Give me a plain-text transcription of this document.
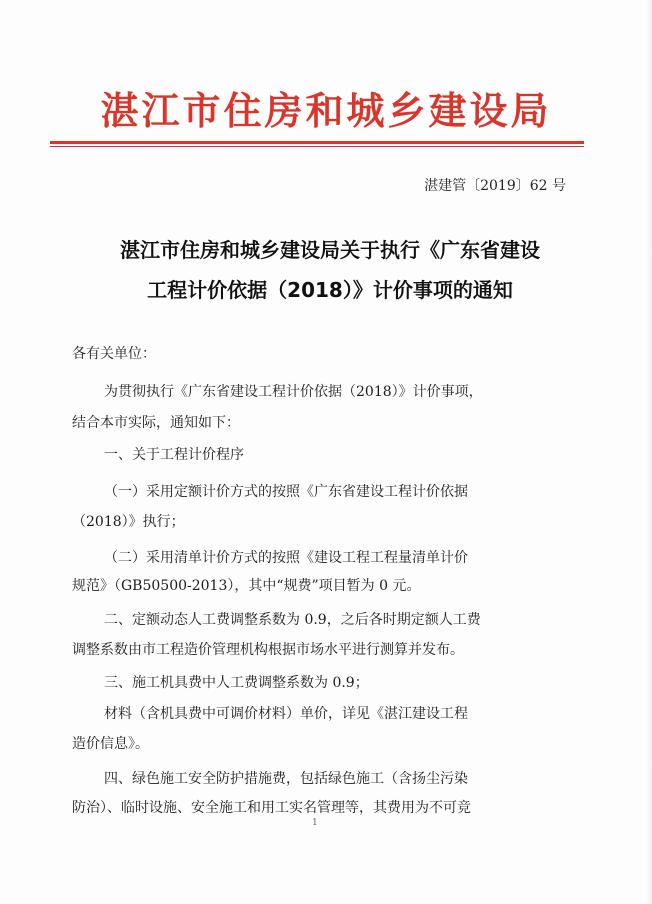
湛江市住房和城乡建设局
湛建管〔2019〕62 号
湛江市住房和城乡建设局关于执行《广东省建设
工程计价依据（2018）》计价事项的通知
各有关单位：
为贯彻执行《广东省建设工程计价依据（2018）》计价事项，
结合本市实际，通知如下：
一、关于工程计价程序
（一）采用定额计价方式的按照《广东省建设工程计价依据
（2018）》执行；
（二）采用清单计价方式的按照《建设工程工程量清单计价
规范》（GB50500-2013），其中“规费”项目暂为 0 元。
二、定额动态人工费调整系数为 0.9，之后各时期定额人工费
调整系数由市工程造价管理机构根据市场水平进行测算并发布。
三、施工机具费中人工费调整系数为 0.9；
材料（含机具费中可调价材料）单价，详见《湛江建设工程
造价信息》。
四、绿色施工安全防护措施费，包括绿色施工（含扬尘污染
防治）、临时设施、安全施工和用工实名管理等，其费用为不可竞
1
